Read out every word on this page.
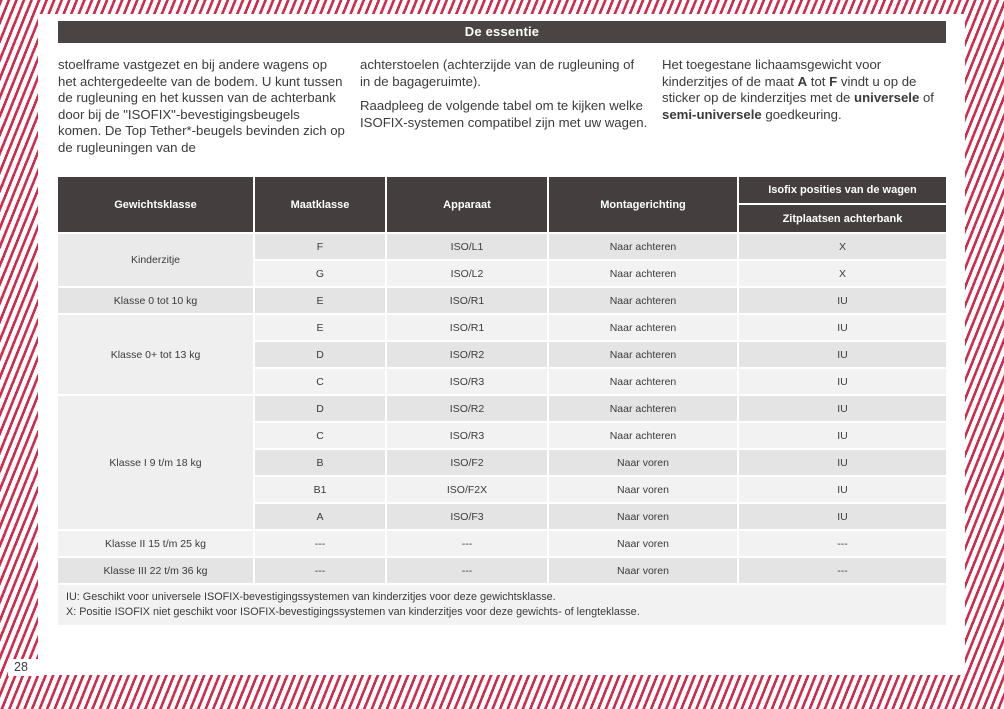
28
De essentie

stoelframe vastgezet en bij andere wagens op het achtergedeelte van de bodem. U kunt tussen de rugleuning en het kussen van de achterbank door bij de "ISOFIX"-bevestigingsbeugels komen. De Top Tether*-beugels bevinden zich op de rugleuningen van de

achterstoelen (achterzijde van de rugleuning of in de bagageruimte).

Raadpleeg de volgende tabel om te kijken welke ISOFIX-systemen compatibel zijn met uw wagen.

Het toegestane lichaamsgewicht voor kinderzitjes of de maat A tot F vindt u op de sticker op de kinderzitjes met de universele of semi-universele goedkeuring.

Gewichtsklasse	Maatklasse	Apparaat	Montagerichting
Isofix posities van de wagen
Zitplaatsen achterbank
Kinderzitje
F	ISO/L1	Naar achteren	X
G	ISO/L2	Naar achteren	X
Klasse 0 tot 10 kg	E	ISO/R1	Naar achteren	IU
Klasse 0+ tot 13 kg
E	ISO/R1	Naar achteren	IU
D	ISO/R2	Naar achteren	IU
C	ISO/R3	Naar achteren	IU
Klasse I 9 t/m 18 kg
D	ISO/R2	Naar achteren	IU
C	ISO/R3	Naar achteren	IU
B	ISO/F2	Naar voren	IU
B1	ISO/F2X	Naar voren	IU
A	ISO/F3	Naar voren	IU
Klasse II 15 t/m 25 kg	---	---	Naar voren	---
Klasse III 22 t/m 36 kg	---	---	Naar voren	---
IU: Geschikt voor universele ISOFIX-bevestigingssystemen van kinderzitjes voor deze gewichtsklasse.
X: Positie ISOFIX niet geschikt voor ISOFIX-bevestigingssystemen van kinderzitjes voor deze gewichts- of lengteklasse.
